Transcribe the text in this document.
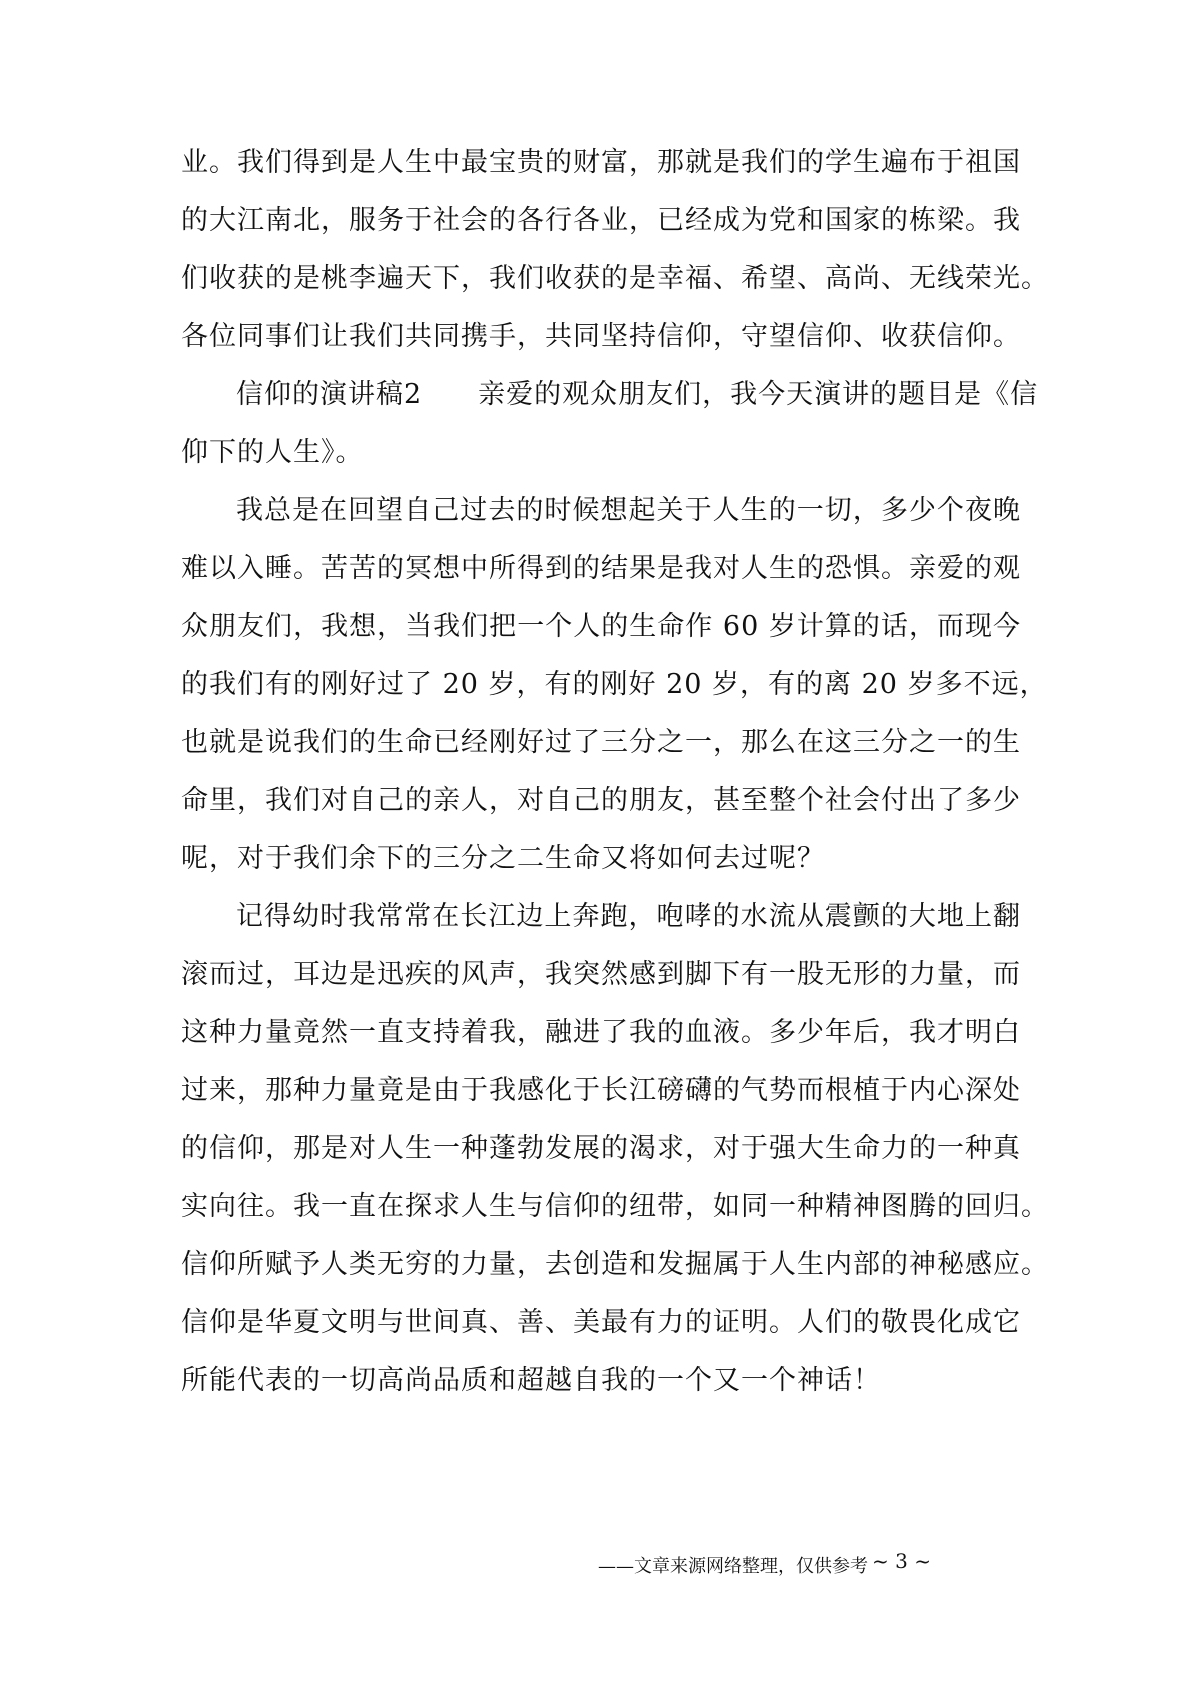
业。我们得到是人生中最宝贵的财富，那就是我们的学生遍布于祖国
的大江南北，服务于社会的各行各业，已经成为党和国家的栋梁。我
们收获的是桃李遍天下，我们收获的是幸福、希望、高尚、无线荣光。
各位同事们让我们共同携手，共同坚持信仰，守望信仰、收获信仰。
信仰的演讲稿2　　亲爱的观众朋友们，我今天演讲的题目是《信
仰下的人生》。
我总是在回望自己过去的时候想起关于人生的一切，多少个夜晚
难以入睡。苦苦的冥想中所得到的结果是我对人生的恐惧。亲爱的观
众朋友们，我想，当我们把一个人的生命作 60 岁计算的话，而现今
的我们有的刚好过了 20 岁，有的刚好 20 岁，有的离 20 岁多不远，
也就是说我们的生命已经刚好过了三分之一，那么在这三分之一的生
命里，我们对自己的亲人，对自己的朋友，甚至整个社会付出了多少
呢，对于我们余下的三分之二生命又将如何去过呢？
记得幼时我常常在长江边上奔跑，咆哮的水流从震颤的大地上翻
滚而过，耳边是迅疾的风声，我突然感到脚下有一股无形的力量，而
这种力量竟然一直支持着我，融进了我的血液。多少年后，我才明白
过来，那种力量竟是由于我感化于长江磅礴的气势而根植于内心深处
的信仰，那是对人生一种蓬勃发展的渴求，对于强大生命力的一种真
实向往。我一直在探求人生与信仰的纽带，如同一种精神图腾的回归。
信仰所赋予人类无穷的力量，去创造和发掘属于人生内部的神秘感应。
信仰是华夏文明与世间真、善、美最有力的证明。人们的敬畏化成它
所能代表的一切高尚品质和超越自我的一个又一个神话！
——文章来源网络整理，仅供参考 ~ 3 ~
